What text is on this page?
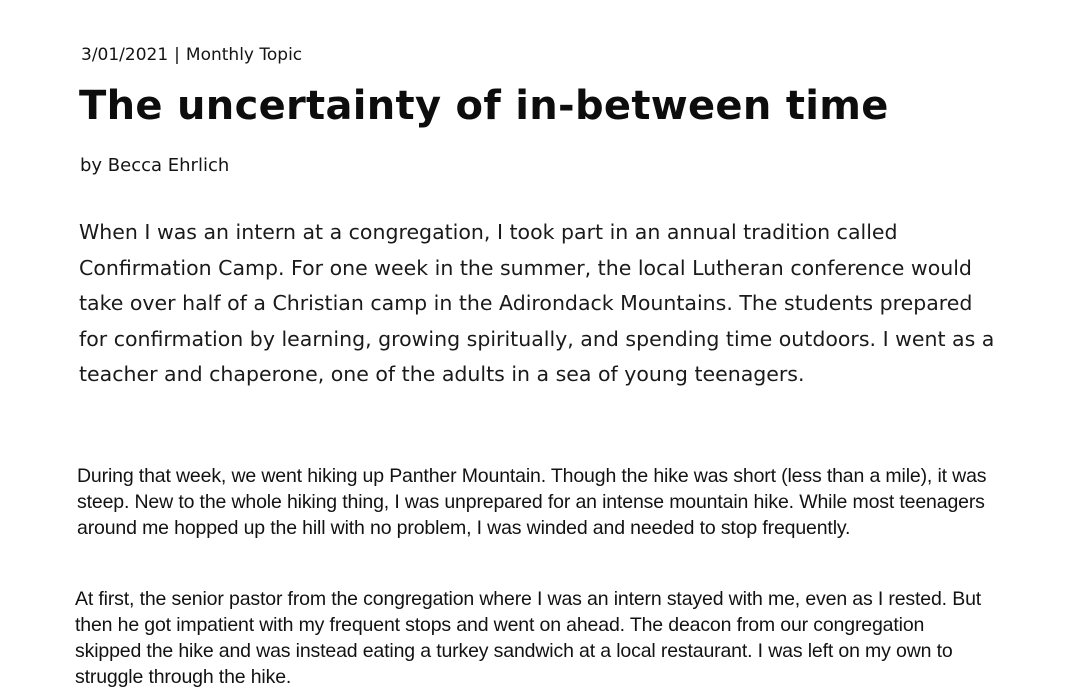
3/01/2021 | Monthly Topic
The uncertainty of in-between time
by Becca Ehrlich

When I was an intern at a congregation, I took part in an annual tradition called Confirmation Camp. For one week in the summer, the local Lutheran conference would take over half of a Christian camp in the Adirondack Mountains. The students prepared for confirmation by learning, growing spiritually, and spending time outdoors. I went as a teacher and chaperone, one of the adults in a sea of young teenagers.

During that week, we went hiking up Panther Mountain. Though the hike was short (less than a mile), it was steep. New to the whole hiking thing, I was unprepared for an intense mountain hike. While most teenagers around me hopped up the hill with no problem, I was winded and needed to stop frequently.

At first, the senior pastor from the congregation where I was an intern stayed with me, even as I rested. But then he got impatient with my frequent stops and went on ahead. The deacon from our congregation skipped the hike and was instead eating a turkey sandwich at a local restaurant. I was left on my own to struggle through the hike.
